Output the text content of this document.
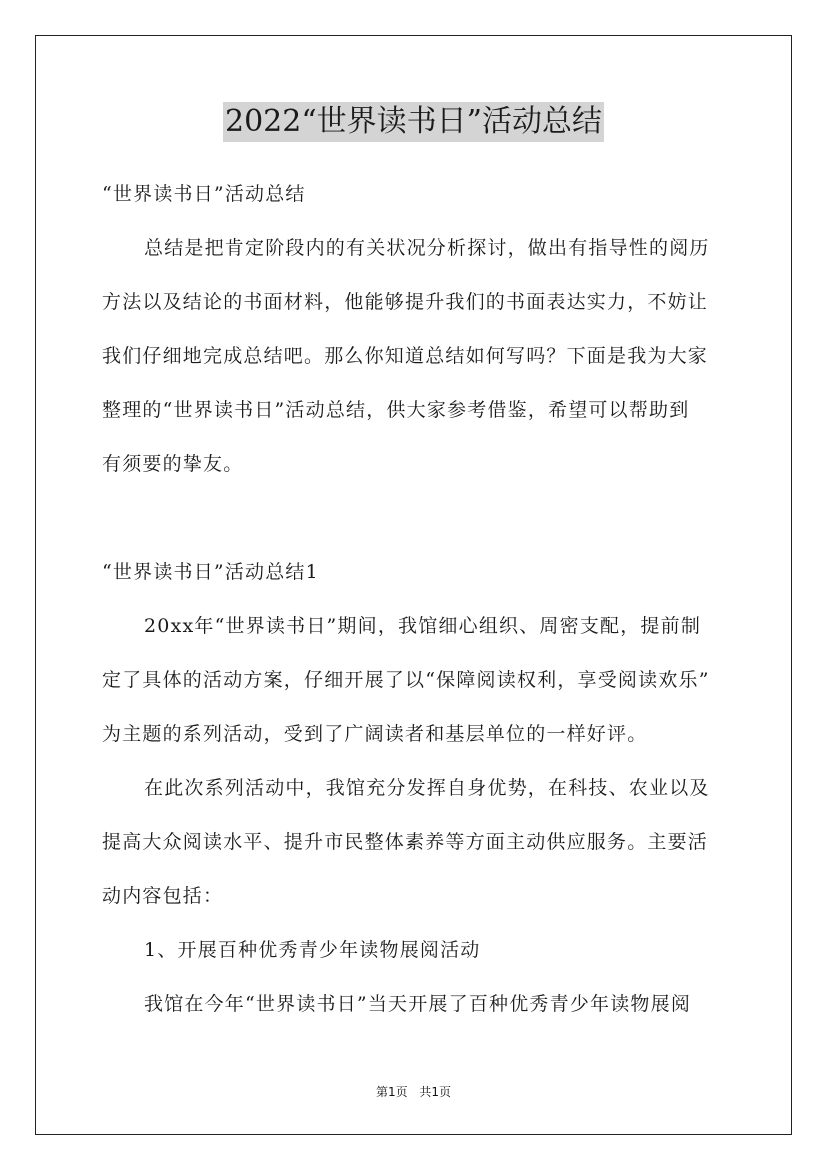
2022“世界读书日”活动总结
“世界读书日”活动总结
总结是把肯定阶段内的有关状况分析探讨，做出有指导性的阅历
方法以及结论的书面材料，他能够提升我们的书面表达实力，不妨让
我们仔细地完成总结吧。那么你知道总结如何写吗？下面是我为大家
整理的“世界读书日”活动总结，供大家参考借鉴，希望可以帮助到
有须要的挚友。
“世界读书日”活动总结1
20xx年“世界读书日”期间，我馆细心组织、周密支配，提前制
定了具体的活动方案，仔细开展了以“保障阅读权利，享受阅读欢乐”
为主题的系列活动，受到了广阔读者和基层单位的一样好评。
在此次系列活动中，我馆充分发挥自身优势，在科技、农业以及
提高大众阅读水平、提升市民整体素养等方面主动供应服务。主要活
动内容包括：
1、开展百种优秀青少年读物展阅活动
我馆在今年“世界读书日”当天开展了百种优秀青少年读物展阅
第1页 共1页
